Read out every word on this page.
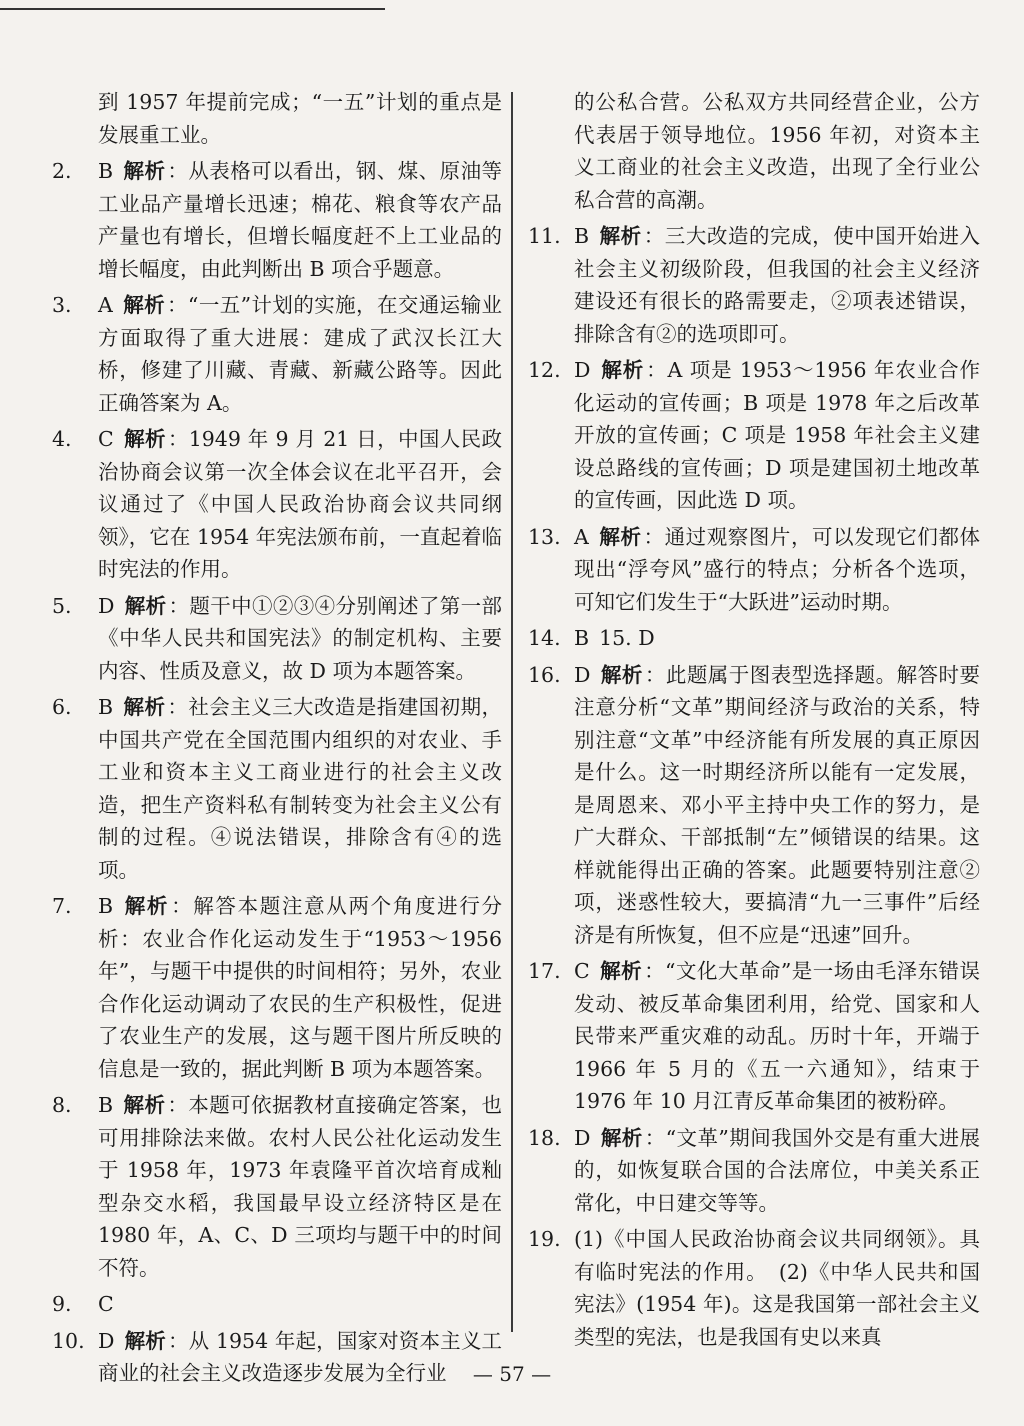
到 1957 年提前完成；“一五”计划的重点是发展重工业。

2. B 解析：从表格可以看出，钢、煤、原油等工业品产量增长迅速；棉花、粮食等农产品产量也有增长，但增长幅度赶不上工业品的增长幅度，由此判断出 B 项合乎题意。

3. A 解析：“一五”计划的实施，在交通运输业方面取得了重大进展：建成了武汉长江大桥，修建了川藏、青藏、新藏公路等。因此正确答案为 A。

4. C 解析：1949 年 9 月 21 日，中国人民政治协商会议第一次全体会议在北平召开，会议通过了《中国人民政治协商会议共同纲领》，它在 1954 年宪法颁布前，一直起着临时宪法的作用。

5. D 解析：题干中①②③④分别阐述了第一部《中华人民共和国宪法》的制定机构、主要内容、性质及意义，故 D 项为本题答案。

6. B 解析：社会主义三大改造是指建国初期，中国共产党在全国范围内组织的对农业、手工业和资本主义工商业进行的社会主义改造，把生产资料私有制转变为社会主义公有制的过程。④说法错误，排除含有④的选项。

7. B 解析：解答本题注意从两个角度进行分析：农业合作化运动发生于“1953～1956年”，与题干中提供的时间相符；另外，农业合作化运动调动了农民的生产积极性，促进了农业生产的发展，这与题干图片所反映的信息是一致的，据此判断 B 项为本题答案。

8. B 解析：本题可依据教材直接确定答案，也可用排除法来做。农村人民公社化运动发生于 1958 年，1973 年袁隆平首次培育成籼型杂交水稻，我国最早设立经济特区是在 1980 年，A、C、D 三项均与题干中的时间不符。

9. C

10. D 解析：从 1954 年起，国家对资本主义工商业的社会主义改造逐步发展为全行业

的公私合营。公私双方共同经营企业，公方代表居于领导地位。1956 年初，对资本主义工商业的社会主义改造，出现了全行业公私合营的高潮。

11. B 解析：三大改造的完成，使中国开始进入社会主义初级阶段，但我国的社会主义经济建设还有很长的路需要走，②项表述错误，排除含有②的选项即可。

12. D 解析：A 项是 1953～1956 年农业合作化运动的宣传画；B 项是 1978 年之后改革开放的宣传画；C 项是 1958 年社会主义建设总路线的宣传画；D 项是建国初土地改革的宣传画，因此选 D 项。

13. A 解析：通过观察图片，可以发现它们都体现出“浮夸风”盛行的特点；分析各个选项，可知它们发生于“大跃进”运动时期。

14. B 15. D

16. D 解析：此题属于图表型选择题。解答时要注意分析“文革”期间经济与政治的关系，特别注意“文革”中经济能有所发展的真正原因是什么。这一时期经济所以能有一定发展，是周恩来、邓小平主持中央工作的努力，是广大群众、干部抵制“左”倾错误的结果。这样就能得出正确的答案。此题要特别注意②项，迷惑性较大，要搞清“九一三事件”后经济是有所恢复，但不应是“迅速”回升。

17. C 解析：“文化大革命”是一场由毛泽东错误发动、被反革命集团利用，给党、国家和人民带来严重灾难的动乱。历时十年，开端于 1966 年 5 月的《五一六通知》，结束于 1976 年 10 月江青反革命集团的被粉碎。

18. D 解析：“文革”期间我国外交是有重大进展的，如恢复联合国的合法席位，中美关系正常化，中日建交等等。

19. (1)《中国人民政治协商会议共同纲领》。具有临时宪法的作用。　(2)《中华人民共和国宪法》(1954 年)。这是我国第一部社会主义类型的宪法，也是我国有史以来真

— 57 —
